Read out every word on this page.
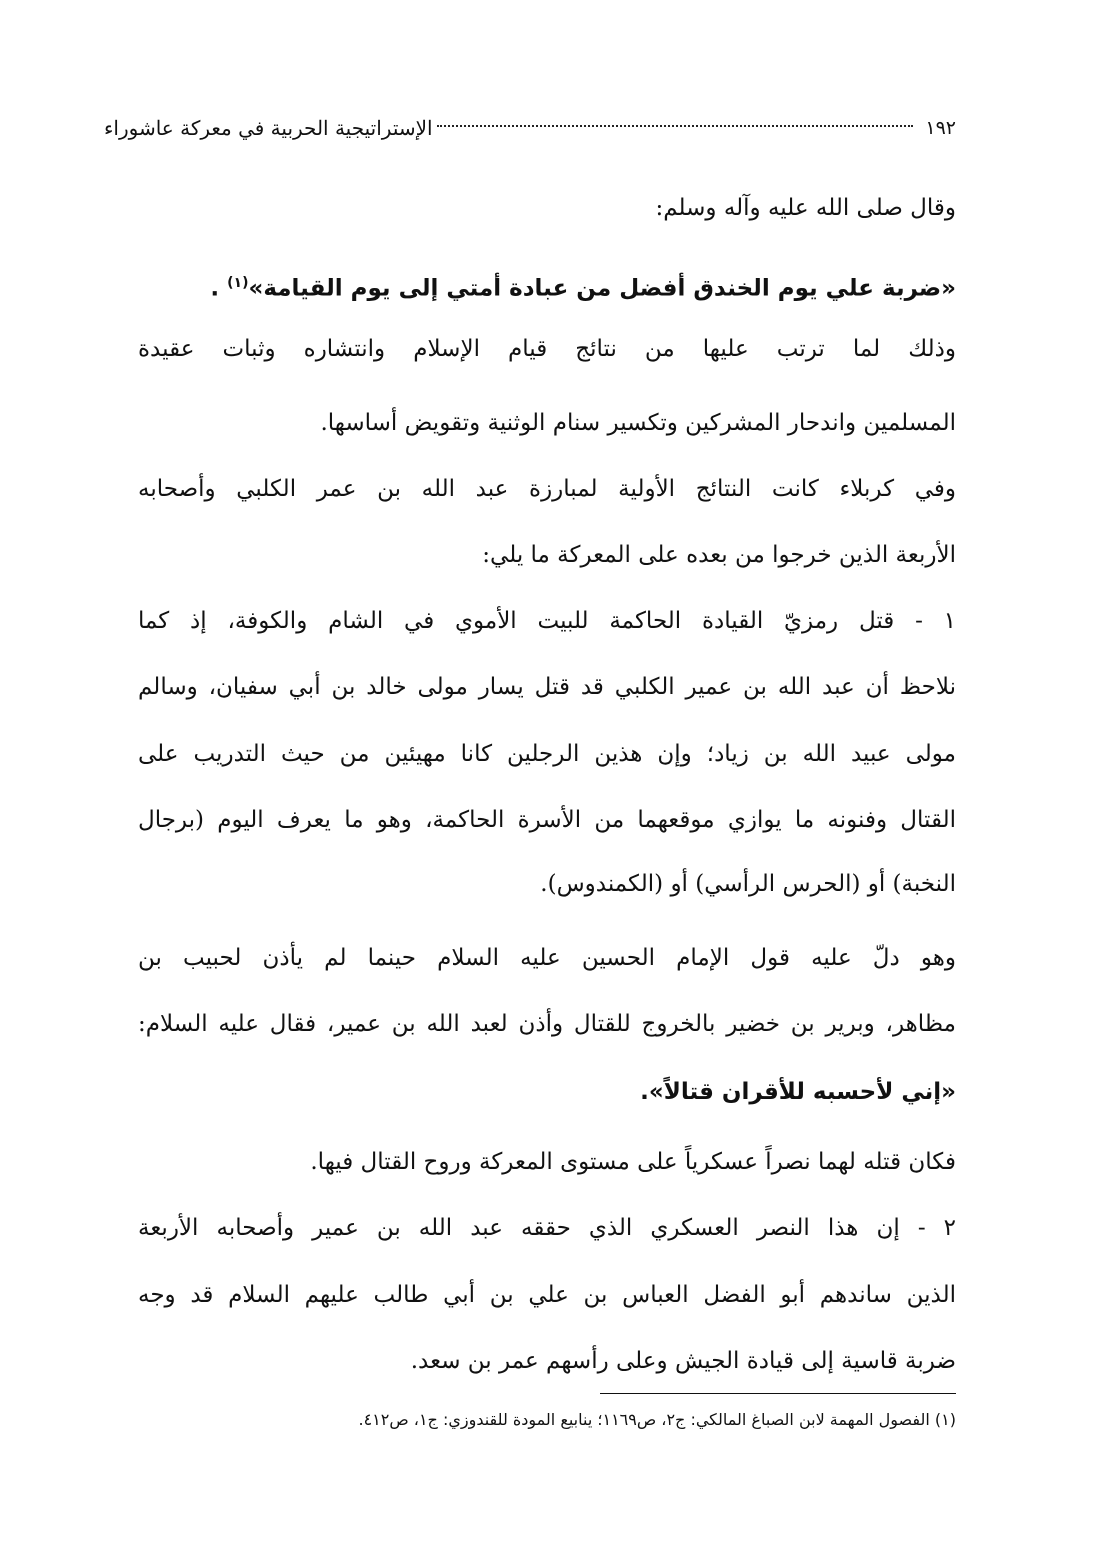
١٩٢
الإستراتيجية الحربية في معركة عاشوراء
وقال صلى الله عليه وآله وسلم:
«ضربة علي يوم الخندق أفضل من عبادة أمتي إلى يوم القيامة»$^{(١)}$ .
وذلك لما ترتب عليها من نتائج قيام الإسلام وانتشاره وثبات عقيدة
المسلمين واندحار المشركين وتكسير سنام الوثنية وتقويض أساسها.
وفي كربلاء كانت النتائج الأولية لمبارزة عبد الله بن عمر الكلبي وأصحابه
الأربعة الذين خرجوا من بعده على المعركة ما يلي:
١ - قتل رمزيّ القيادة الحاكمة للبيت الأموي في الشام والكوفة، إذ كما
نلاحظ أن عبد الله بن عمير الكلبي قد قتل يسار مولى خالد بن أبي سفيان، وسالم
مولى عبيد الله بن زياد؛ وإن هذين الرجلين كانا مهيئين من حيث التدريب على
القتال وفنونه ما يوازي موقعهما من الأسرة الحاكمة، وهو ما يعرف اليوم (برجال
النخبة) أو (الحرس الرأسي) أو (الكمندوس).
وهو دلّ عليه قول الإمام الحسين عليه السلام حينما لم يأذن لحبيب بن
مظاهر، وبرير بن خضير بالخروج للقتال وأذن لعبد الله بن عمير، فقال عليه السلام:
«إني لأحسبه للأقران قتالاً».
فكان قتله لهما نصراً عسكرياً على مستوى المعركة وروح القتال فيها.
٢ - إن هذا النصر العسكري الذي حققه عبد الله بن عمير وأصحابه الأربعة
الذين ساندهم أبو الفضل العباس بن علي بن أبي طالب عليهم السلام قد وجه
ضربة قاسية إلى قيادة الجيش وعلى رأسهم عمر بن سعد.
(١) الفصول المهمة لابن الصباغ المالكي: ج٢، ص١١٦٩؛ ينابيع المودة للقندوزي: ج١، ص٤١٢.
